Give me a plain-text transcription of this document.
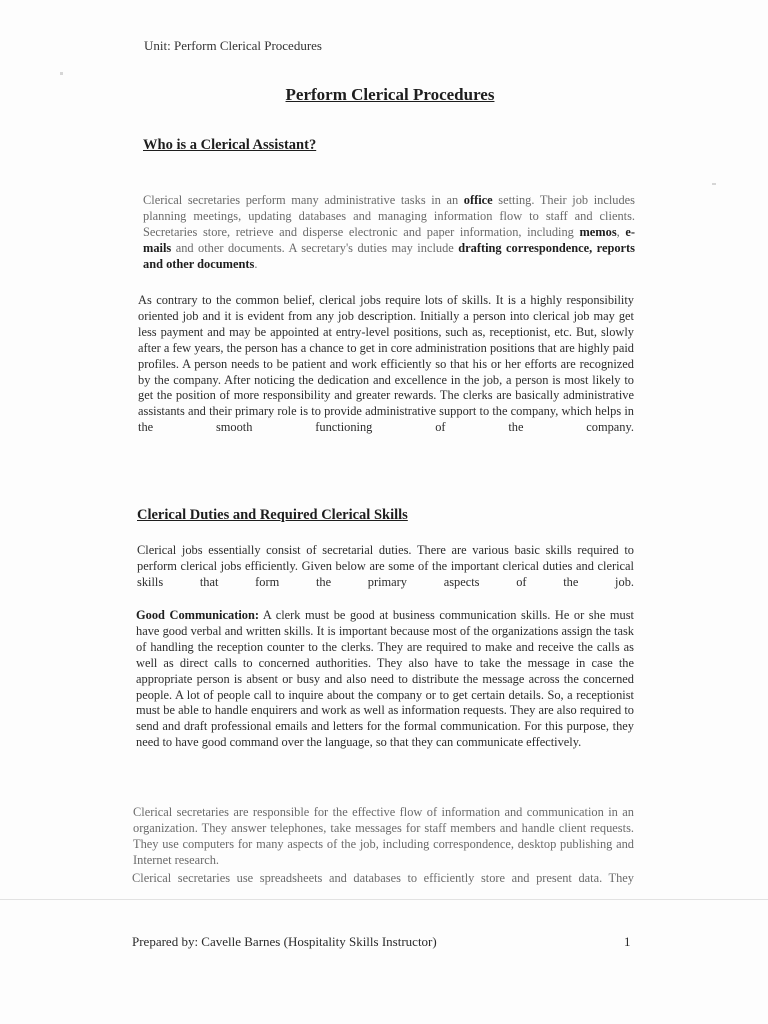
Unit: Perform Clerical Procedures

Perform Clerical Procedures
Who is a Clerical Assistant?

Clerical secretaries perform many administrative tasks in an office setting. Their job includes planning meetings, updating databases and managing information flow to staff and clients. Secretaries store, retrieve and disperse electronic and paper information, including memos, e-mails and other documents. A secretary's duties may include drafting correspondence, reports and other documents.

As contrary to the common belief, clerical jobs require lots of skills. It is a highly responsibility oriented job and it is evident from any job description. Initially a person into clerical job may get less payment and may be appointed at entry-level positions, such as, receptionist, etc. But, slowly after a few years, the person has a chance to get in core administration positions that are highly paid profiles. A person needs to be patient and work efficiently so that his or her efforts are recognized by the company. After noticing the dedication and excellence in the job, a person is most likely to get the position of more responsibility and greater rewards. The clerks are basically administrative assistants and their primary role is to provide administrative support to the company, which helps in the smooth functioning of the company.

Clerical Duties and Required Clerical Skills

Clerical jobs essentially consist of secretarial duties. There are various basic skills required to perform clerical jobs efficiently. Given below are some of the important clerical duties and clerical skills that form the primary aspects of the job.

Good Communication: A clerk must be good at business communication skills. He or she must have good verbal and written skills. It is important because most of the organizations assign the task of handling the reception counter to the clerks. They are required to make and receive the calls as well as direct calls to concerned authorities. They also have to take the message in case the appropriate person is absent or busy and also need to distribute the message across the concerned people. A lot of people call to inquire about the company or to get certain details. So, a receptionist must be able to handle enquirers and work as well as information requests. They are also required to send and draft professional emails and letters for the formal communication. For this purpose, they need to have good command over the language, so that they can communicate effectively.

Clerical secretaries are responsible for the effective flow of information and communication in an organization. They answer telephones, take messages for staff members and handle client requests. They use computers for many aspects of the job, including correspondence, desktop publishing and Internet research.

Clerical secretaries use spreadsheets and databases to efficiently store and present data. They

Prepared by: Cavelle Barnes (Hospitality Skills Instructor)	1
